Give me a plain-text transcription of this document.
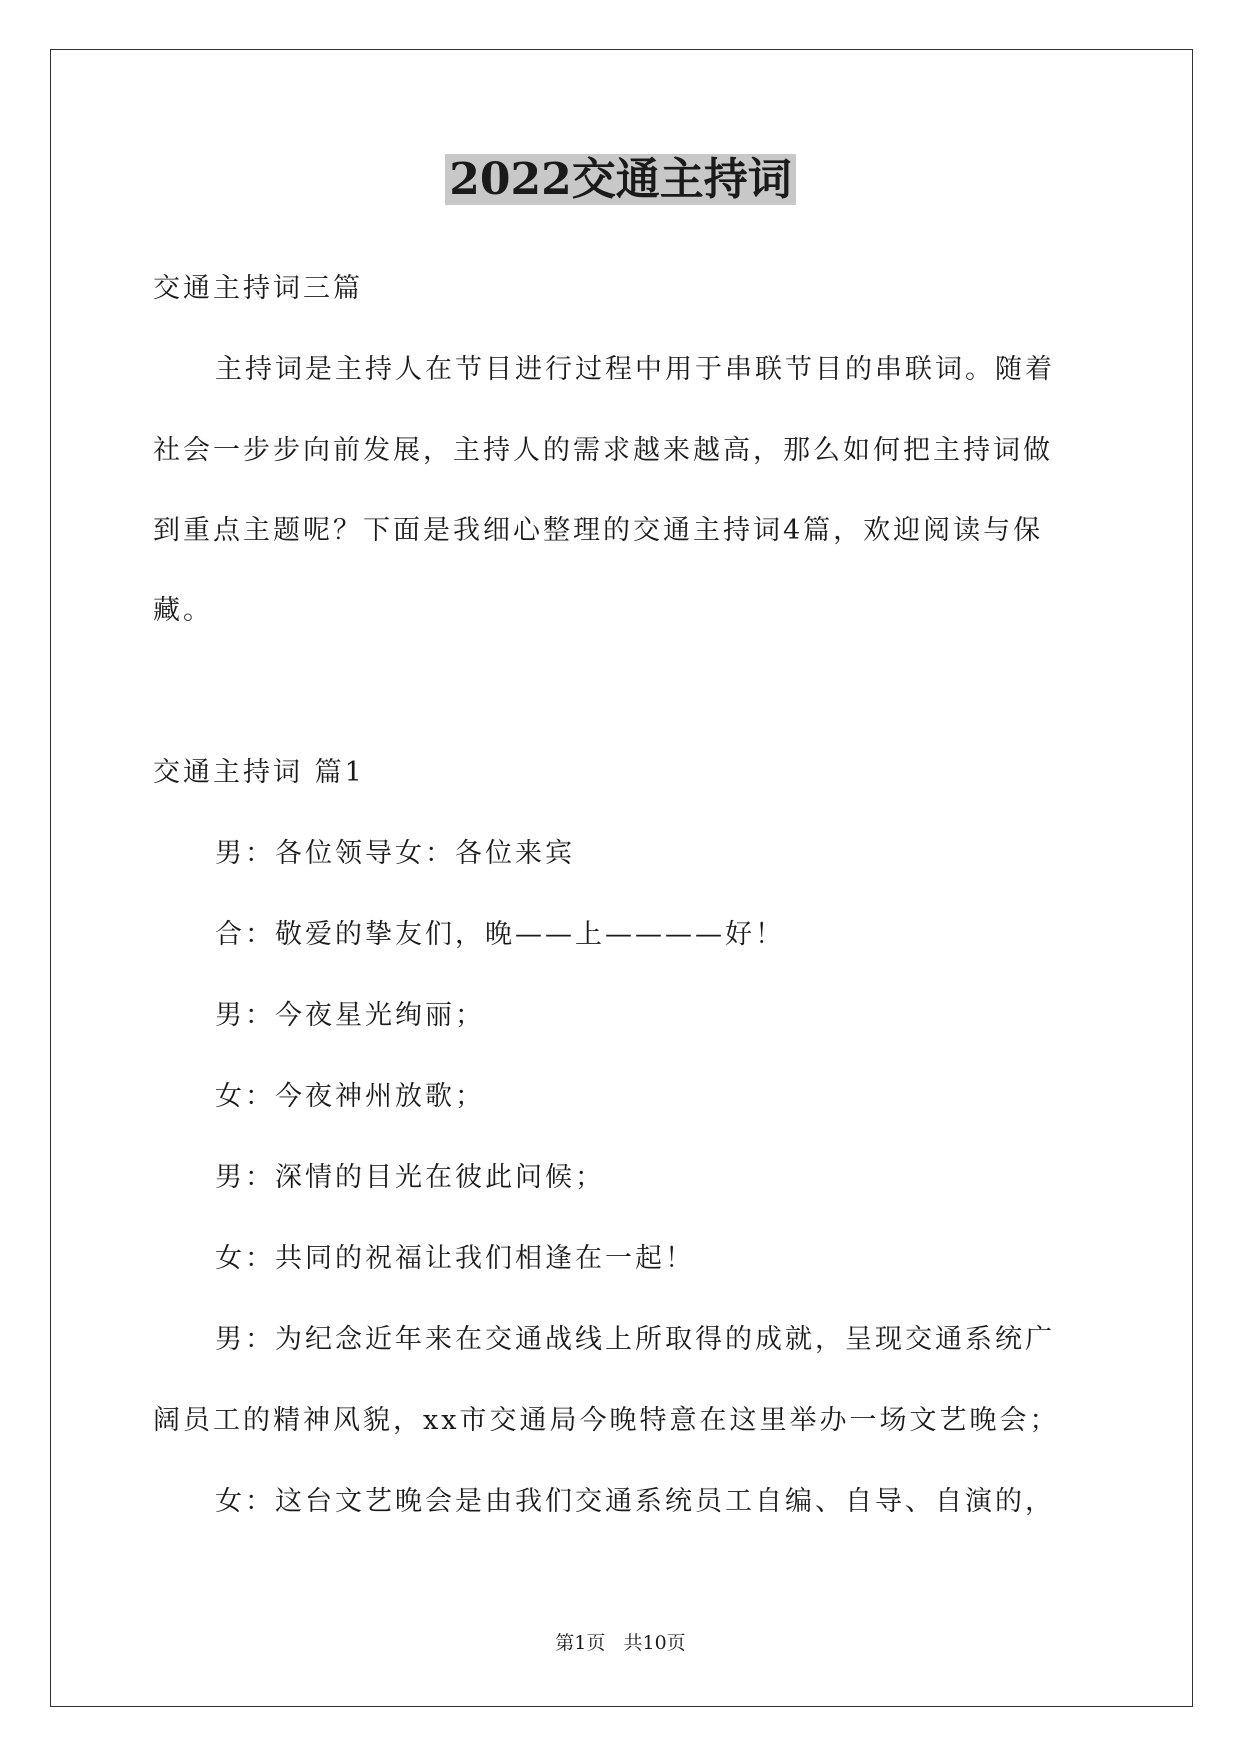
2022交通主持词
交通主持词三篇
主持词是主持人在节目进行过程中用于串联节目的串联词。随着
社会一步步向前发展，主持人的需求越来越高，那么如何把主持词做
到重点主题呢？下面是我细心整理的交通主持词4篇，欢迎阅读与保
藏。
交通主持词 篇1
男：各位领导女：各位来宾
合：敬爱的挚友们，晚——上————好！
男：今夜星光绚丽；
女：今夜神州放歌；
男：深情的目光在彼此问候；
女：共同的祝福让我们相逢在一起！
男：为纪念近年来在交通战线上所取得的成就，呈现交通系统广
阔员工的精神风貌，xx市交通局今晚特意在这里举办一场文艺晚会；
女：这台文艺晚会是由我们交通系统员工自编、自导、自演的，
第1页   共10页
